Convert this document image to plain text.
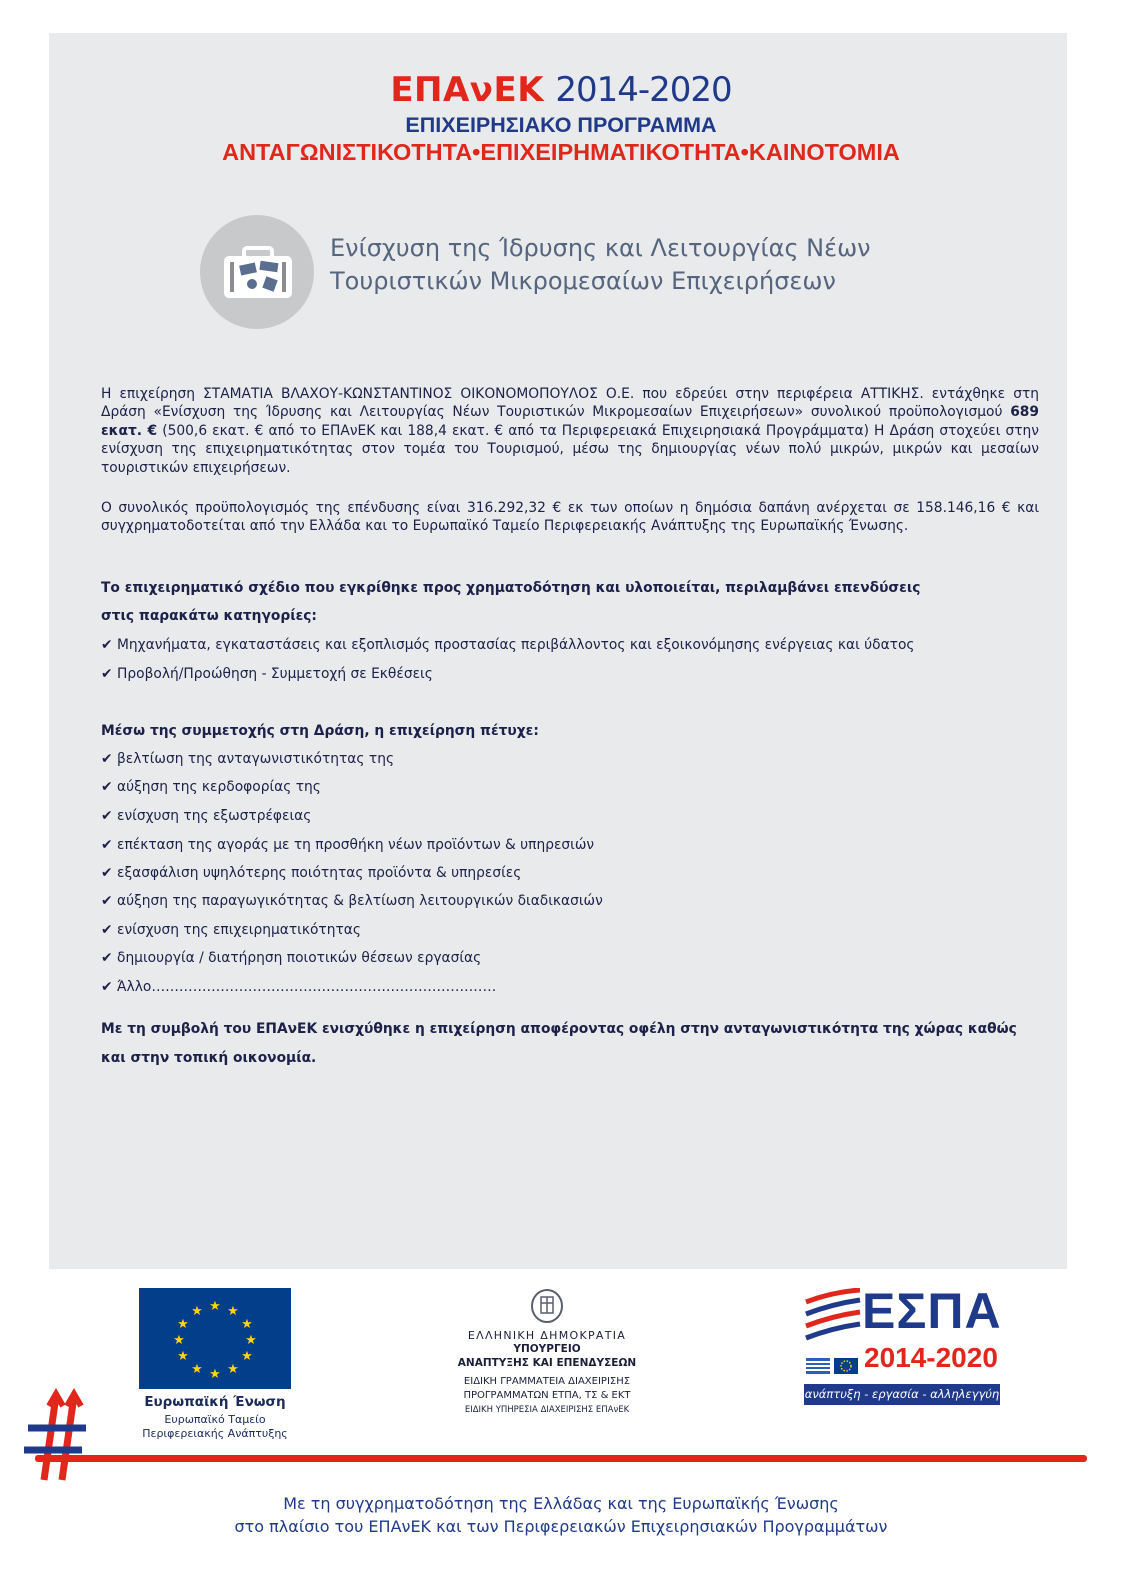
ΕΠΑνΕΚ 2014-2020
ΕΠΙΧΕΙΡΗΣΙΑΚΟ ΠΡΟΓΡΑΜΜΑ
ΑΝΤΑΓΩΝΙΣΤΙΚΟΤΗΤΑ•ΕΠΙΧΕΙΡΗΜΑΤΙΚΟΤΗΤΑ•ΚΑΙΝΟΤΟΜΙΑ
Ενίσχυση της Ίδρυσης και Λειτουργίας Νέων
Τουριστικών Μικρομεσαίων Επιχειρήσεων
Η επιχείρηση ΣΤΑΜΑΤΙΑ ΒΛΑΧΟΥ-ΚΩΝΣΤΑΝΤΙΝΟΣ ΟΙΚΟΝΟΜΟΠΟΥΛΟΣ Ο.Ε. που εδρεύει στην περιφέρεια ΑΤΤΙΚΗΣ. εντάχθηκε στη Δράση «Ενίσχυση της Ίδρυσης και Λειτουργίας Νέων Τουριστικών Μικρομεσαίων Επιχειρήσεων» συνολικού προϋπολογισμού 689 εκατ. € (500,6 εκατ. € από το ΕΠΑνΕΚ και 188,4 εκατ. € από τα Περιφερειακά Επιχειρησιακά Προγράμματα) Η Δράση στοχεύει στην ενίσχυση της επιχειρηματικότητας στον τομέα του Τουρισμού, μέσω της δημιουργίας νέων πολύ μικρών, μικρών και μεσαίων τουριστικών επιχειρήσεων.
Ο συνολικός προϋπολογισμός της επένδυσης είναι 316.292,32 € εκ των οποίων η δημόσια δαπάνη ανέρχεται σε 158.146,16 € και συγχρηματοδοτείται από την Ελλάδα και το Ευρωπαϊκό Ταμείο Περιφερειακής Ανάπτυξης της Ευρωπαϊκής Ένωσης.
Το επιχειρηματικό σχέδιο που εγκρίθηκε προς χρηματοδότηση και υλοποιείται, περιλαμβάνει επενδύσεις
στις παρακάτω κατηγορίες:
✔ Μηχανήματα, εγκαταστάσεις και εξοπλισμός προστασίας περιβάλλοντος και εξοικονόμησης ενέργειας και ύδατος
✔ Προβολή/Προώθηση - Συμμετοχή σε Εκθέσεις
Μέσω της συμμετοχής στη Δράση, η επιχείρηση πέτυχε:
✔ βελτίωση της ανταγωνιστικότητας της
✔ αύξηση της κερδοφορίας της
✔ ενίσχυση της εξωστρέφειας
✔ επέκταση της αγοράς με τη προσθήκη νέων προϊόντων & υπηρεσιών
✔ εξασφάλιση υψηλότερης ποιότητας προϊόντα & υπηρεσίες
✔ αύξηση της παραγωγικότητας & βελτίωση λειτουργικών διαδικασιών
✔ ενίσχυση της επιχειρηματικότητας
✔ δημιουργία / διατήρηση ποιοτικών θέσεων εργασίας
✔ Άλλο…………………………………………………………………
Με τη συμβολή του ΕΠΑνΕΚ ενισχύθηκε η επιχείρηση αποφέροντας οφέλη στην ανταγωνιστικότητα της χώρας καθώς
και στην τοπική οικονομία.
★ ★
★
★
★
★
★
★
★
★
★
★
Ευρωπαϊκή Ένωση
Ευρωπαϊκό Ταμείο
Περιφερειακής Ανάπτυξης
ΕΛΛΗΝΙΚΗ ΔΗΜΟΚΡΑΤΙΑ
ΥΠΟΥΡΓΕΙΟ
ΑΝΑΠΤΥΞΗΣ ΚΑΙ ΕΠΕΝΔΥΣΕΩΝ
ΕΙΔΙΚΗ ΓΡΑΜΜΑΤΕΙΑ ΔΙΑΧΕΙΡΙΣΗΣ
ΠΡΟΓΡΑΜΜΑΤΩΝ ΕΤΠΑ, ΤΣ & ΕΚΤ
ΕΙΔΙΚΗ ΥΠΗΡΕΣΙΑ ΔΙΑΧΕΙΡΙΣΗΣ ΕΠΑνΕΚ
ΕΣΠΑ
2014-2020
ανάπτυξη - εργασία - αλληλεγγύη
Με τη συγχρηματοδότηση της Ελλάδας και της Ευρωπαϊκής Ένωσης
στο πλαίσιο του ΕΠΑνΕΚ και των Περιφερειακών Επιχειρησιακών Προγραμμάτων
